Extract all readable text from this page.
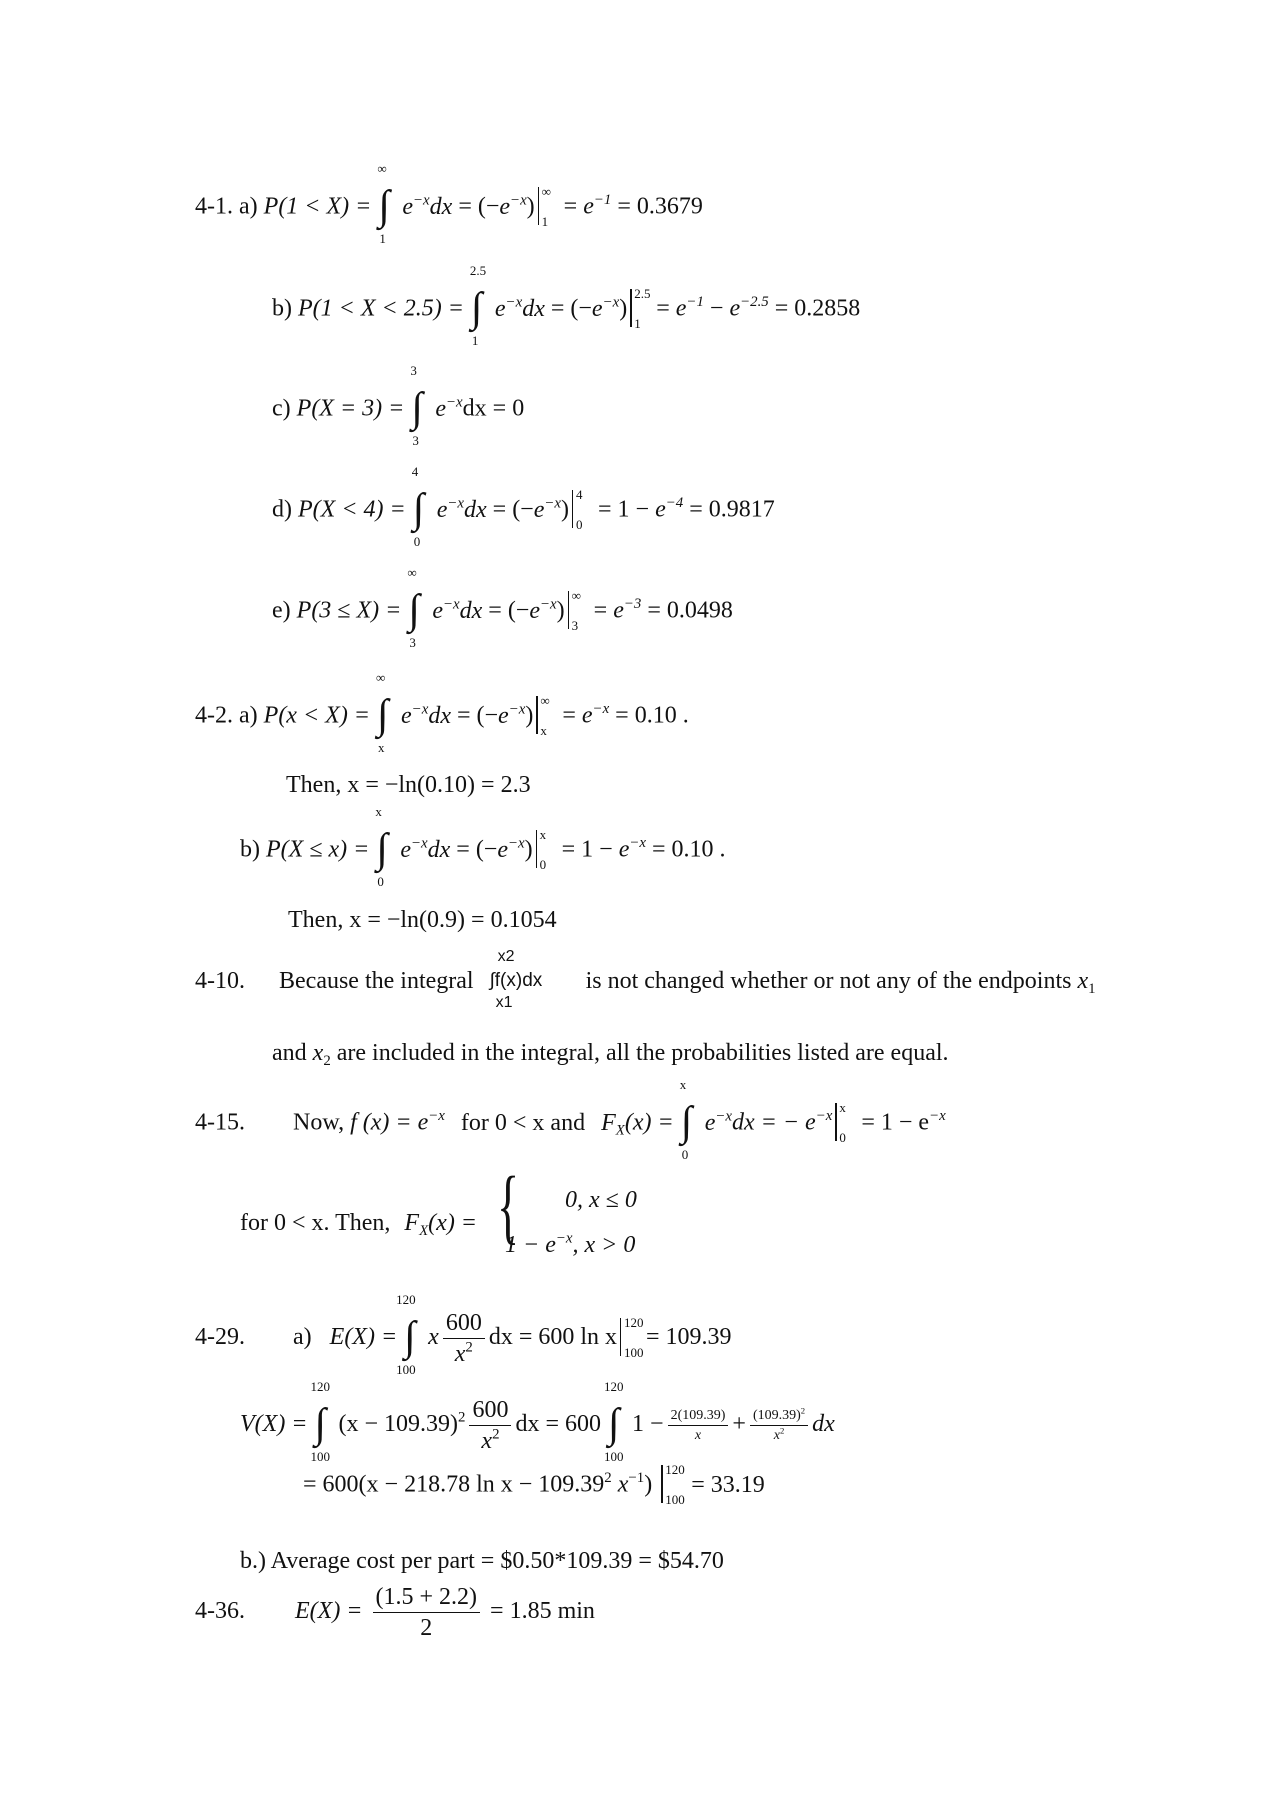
4-1. a) P(1 < X) = ∫
∞
1
$e^{-x}dx = (-e^{-x})$
∞
1
= $e^{-1} = 0.3679$
b) P(1 < X < 2.5) = ∫
2.5
1
$e^{-x}dx = (-e^{-x})$
2.5
1
= $e^{-1} - e^{-2.5} = 0.2858$
c) P(X = 3) = ∫
3
3
$e^{-x}dx = 0$
d) P(X < 4) = ∫
4
0
$e^{-x}dx = (-e^{-x})$
4
0
= $1 - e^{-4} = 0.9817$
e) P(3 ≤ X) = ∫
∞
3
$e^{-x}dx = (-e^{-x})$
∞
3
= $e^{-3} = 0.0498$
4-2. a) P(x < X) = ∫
∞
x
$e^{-x}dx = (-e^{-x})$
∞
x
= $e^{-x} = 0.10$ .
Then, x = −ln(0.10) = 2.3
b) P(X ≤ x) = ∫
x
0
$e^{-x}dx = (-e^{-x})$
x
0
= $1 - e^{-x} = 0.10$ .
Then, x = −ln(0.9) = 0.1054
4-10. Because the integral
x2
∫f(x)dx
x1
is not changed whether or not any of the endpoints $x_1$
and $x_2$ are included in the integral, all the probabilities listed are equal.
4-15. Now, f $(x) = e^{-x}$ for 0 < x and $F_X(x)$ = ∫
x
0
$e^{-x}dx$ = − $e^{-x}$
x
0
= $1 - e^{-x}$
for 0 < x. Then, $F_X(x)$ = { 0, x ≤ 0
$1 - e^{-x}$, x > 0
4-29. a) E(X) = ∫
120
100
x $\frac{600}{x^2}$ dx = 600 ln x
120
100
= 109.39
V(X) = ∫
120
100
$(x - 109.39)^2 \frac{600}{x^2}$ dx = 600 ∫
120
100
$1 - \frac{2(109.39)}{x} + \frac{(109.39)^2}{x^2}$ dx
= 600(x − 218.78 $\ln x - 109.39^2$ $x^{-1}$)
120
100
= 33.19
b.) Average cost per part = $0.50*109.39 = $54.70
4-36. $E(X) = \frac{(1.5 + 2.2)}{2} = 1.85$ min
